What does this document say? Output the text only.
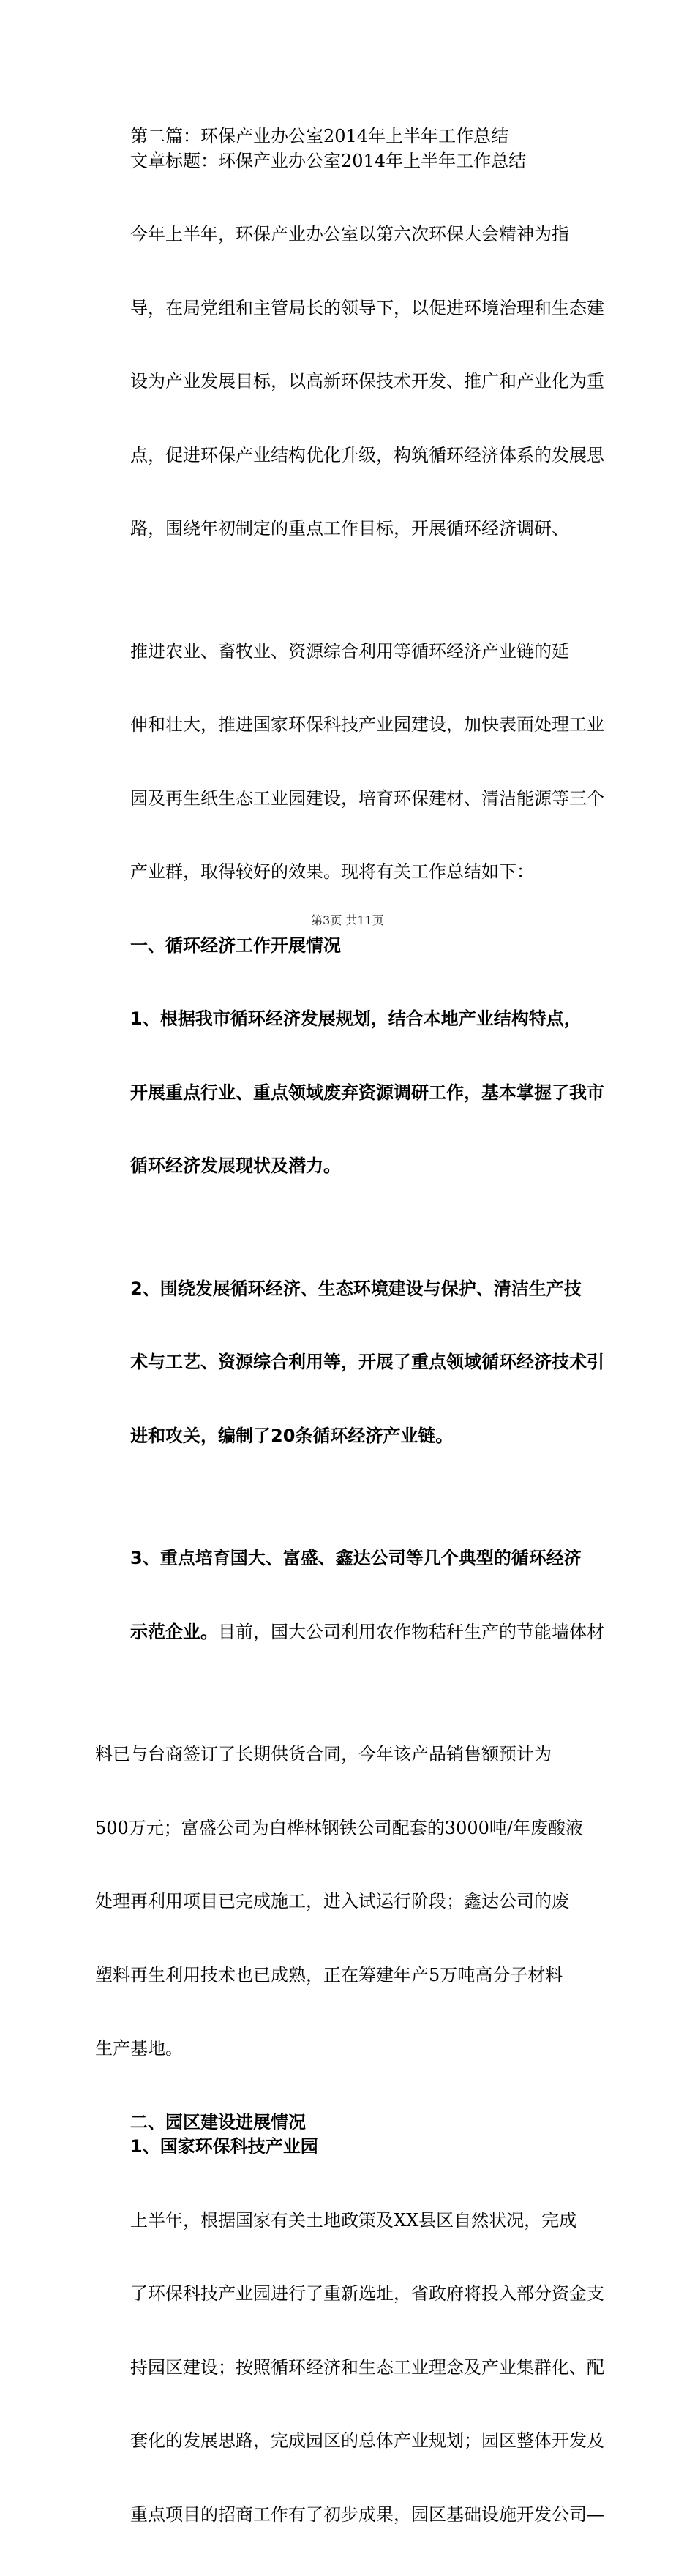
第二篇：环保产业办公室2014年上半年工作总结

文章标题：环保产业办公室2014年上半年工作总结

今年上半年，环保产业办公室以第六次环保大会精神为指

导，在局党组和主管局长的领导下，以促进环境治理和生态建

设为产业发展目标，以高新环保技术开发、推广和产业化为重

点，促进环保产业结构优化升级，构筑循环经济体系的发展思

路，围绕年初制定的重点工作目标，开展循环经济调研、

推进农业、畜牧业、资源综合利用等循环经济产业链的延

伸和壮大，推进国家环保科技产业园建设，加快表面处理工业

园及再生纸生态工业园建设，培育环保建材、清洁能源等三个

产业群，取得较好的效果。现将有关工作总结如下：

一、循环经济工作开展情况

1、根据我市循环经济发展规划，结合本地产业结构特点，

开展重点行业、重点领域废弃资源调研工作，基本掌握了我市

循环经济发展现状及潜力。

2、围绕发展循环经济、生态环境建设与保护、清洁生产技

术与工艺、资源综合利用等，开展了重点领域循环经济技术引

进和攻关，编制了20条循环经济产业链。

3、重点培育国大、富盛、鑫达公司等几个典型的循环经济

示范企业。目前，国大公司利用农作物秸秆生产的节能墙体材

料已与台商签订了长期供货合同，今年该产品销售额预计为

500万元；富盛公司为白桦林钢铁公司配套的3000吨/年废酸液

处理再利用项目已完成施工，进入试运行阶段；鑫达公司的废

塑料再生利用技术也已成熟，正在筹建年产5万吨高分子材料

生产基地。

二、园区建设进展情况

1、国家环保科技产业园

上半年，根据国家有关土地政策及XX县区自然状况，完成

了环保科技产业园进行了重新选址，省政府将投入部分资金支

持园区建设；按照循环经济和生态工业理念及产业集群化、配

套化的发展思路，完成园区的总体产业规划；园区整体开发及

重点项目的招商工作有了初步成果，园区基础设施开发公司—

第3页 共11页
